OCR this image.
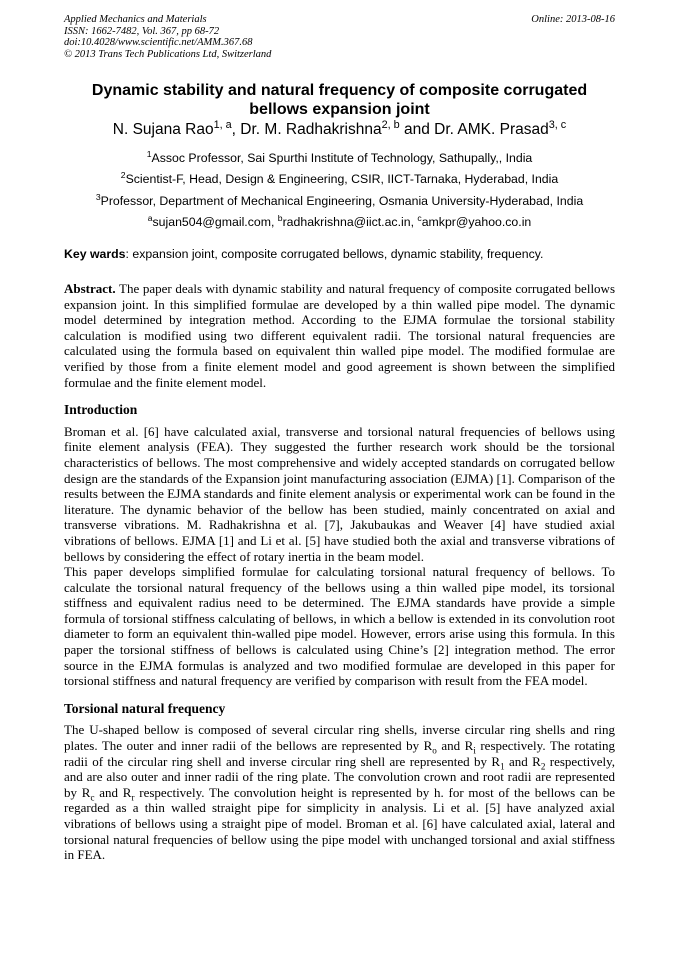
Applied Mechanics and Materials
ISSN: 1662-7482, Vol. 367, pp 68-72
doi:10.4028/www.scientific.net/AMM.367.68
© 2013 Trans Tech Publications Ltd, Switzerland
Online: 2013-08-16
Dynamic stability and natural frequency of composite corrugated bellows expansion joint
N. Sujana Rao$^{1, a}$, Dr. M. Radhakrishna$^{2, b}$ and Dr. AMK. Prasad$^{3, c}$
$^1$Assoc Professor, Sai Spurthi Institute of Technology, Sathupally,, India
$^2$Scientist-F, Head, Design & Engineering, CSIR, IICT-Tarnaka, Hyderabad, India
$^3$Professor, Department of Mechanical Engineering, Osmania University-Hyderabad, India
$^a$sujan504@gmail.com, $^b$radhakrishna@iict.ac.in, $^c$amkpr@yahoo.co.in
Key wards: expansion joint, composite corrugated bellows, dynamic stability, frequency.

Abstract. The paper deals with dynamic stability and natural frequency of composite corrugated bellows expansion joint. In this simplified formulae are developed by a thin walled pipe model. The dynamic model determined by integration method. According to the EJMA formulae the torsional stability calculation is modified using two different equivalent radii. The torsional natural frequencies are calculated using the formula based on equivalent thin walled pipe model. The modified formulae are verified by those from a finite element model and good agreement is shown between the simplified formulae and the finite element model.

Introduction

Broman et al. [6] have calculated axial, transverse and torsional natural frequencies of bellows using finite element analysis (FEA). They suggested the further research work should be the torsional characteristics of bellows. The most comprehensive and widely accepted standards on corrugated bellow design are the standards of the Expansion joint manufacturing association (EJMA) [1]. Comparison of the results between the EJMA standards and finite element analysis or experimental work can be found in the literature. The dynamic behavior of the bellow has been studied, mainly concentrated on axial and transverse vibrations. M. Radhakrishna et al. [7], Jakubaukas and Weaver [4] have studied axial vibrations of bellows. EJMA [1] and Li et al. [5] have studied both the axial and transverse vibrations of bellows by considering the effect of rotary inertia in the beam model.

This paper develops simplified formulae for calculating torsional natural frequency of bellows. To calculate the torsional natural frequency of the bellows using a thin walled pipe model, its torsional stiffness and equivalent radius need to be determined. The EJMA standards have provide a simple formula of torsional stiffness calculating of bellows, in which a bellow is extended in its convolution root diameter to form an equivalent thin-walled pipe model. However, errors arise using this formula. In this paper the torsional stiffness of bellows is calculated using Chine’s [2] integration method. The error source in the EJMA formulas is analyzed and two modified formulae are developed in this paper for torsional stiffness and natural frequency are verified by comparison with result from the FEA model.

Torsional natural frequency

The U-shaped bellow is composed of several circular ring shells, inverse circular ring shells and ring plates. The outer and inner radii of the bellows are represented by $R_o$ and $R_i$ respectively. The rotating radii of the circular ring shell and inverse circular ring shell are represented by $R_1$ and $R_2$ respectively, and are also outer and inner radii of the ring plate. The convolution crown and root radii are represented by $R_c$ and $R_r$ respectively. The convolution height is represented by h. for most of the bellows can be regarded as a thin walled straight pipe for simplicity in analysis. Li et al. [5] have analyzed axial vibrations of bellows using a straight pipe of model. Broman et al. [6] have calculated axial, lateral and torsional natural frequencies of bellow using the pipe model with unchanged torsional and axial stiffness in FEA.
